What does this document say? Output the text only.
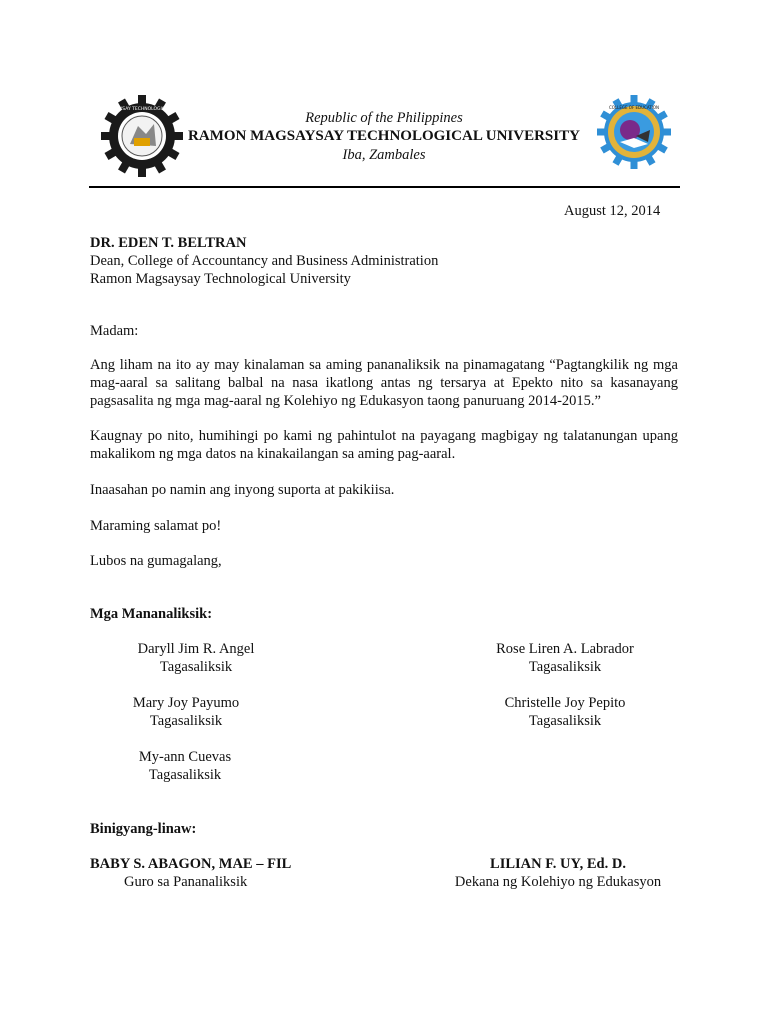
RAMON MAGSAYSAY TECHNOLOGICAL UNIVERSITY	COLLEGE OF EDUCATION
Republic of the Philippines
RAMON MAGSAYSAY TECHNOLOGICAL UNIVERSITY
Iba, Zambales
August 12, 2014
DR. EDEN T. BELTRAN
Dean, College of Accountancy and Business Administration
Ramon Magsaysay Technological University
Madam:

Ang liham na ito ay may kinalaman sa aming pananaliksik na pinamagatang “Pagtangkilik ng mga mag-aaral sa salitang balbal na nasa ikatlong antas ng tersarya at Epekto nito sa kasanayang pagsasalita ng mga mag-aaral ng Kolehiyo ng Edukasyon taong panuruang 2014-2015.”

Kaugnay po nito, humihingi po kami ng pahintulot na payagang magbigay ng talatanungan upang makalikom ng mga datos na kinakailangan sa aming pag-aaral.

Inaasahan po namin ang inyong suporta at pakikiisa.

Maraming salamat po!

Lubos na gumagalang,
Mga Mananaliksik:
Daryll Jim R. Angel
Tagasaliksik
Rose Liren A. Labrador
Tagasaliksik
Mary Joy Payumo
Tagasaliksik
Christelle Joy Pepito
Tagasaliksik
My-ann Cuevas
Tagasaliksik
Binigyang-linaw:
BABY S. ABAGON, MAE – FIL
Guro sa Pananaliksik
LILIAN F. UY, Ed. D.
Dekana ng Kolehiyo ng Edukasyon
